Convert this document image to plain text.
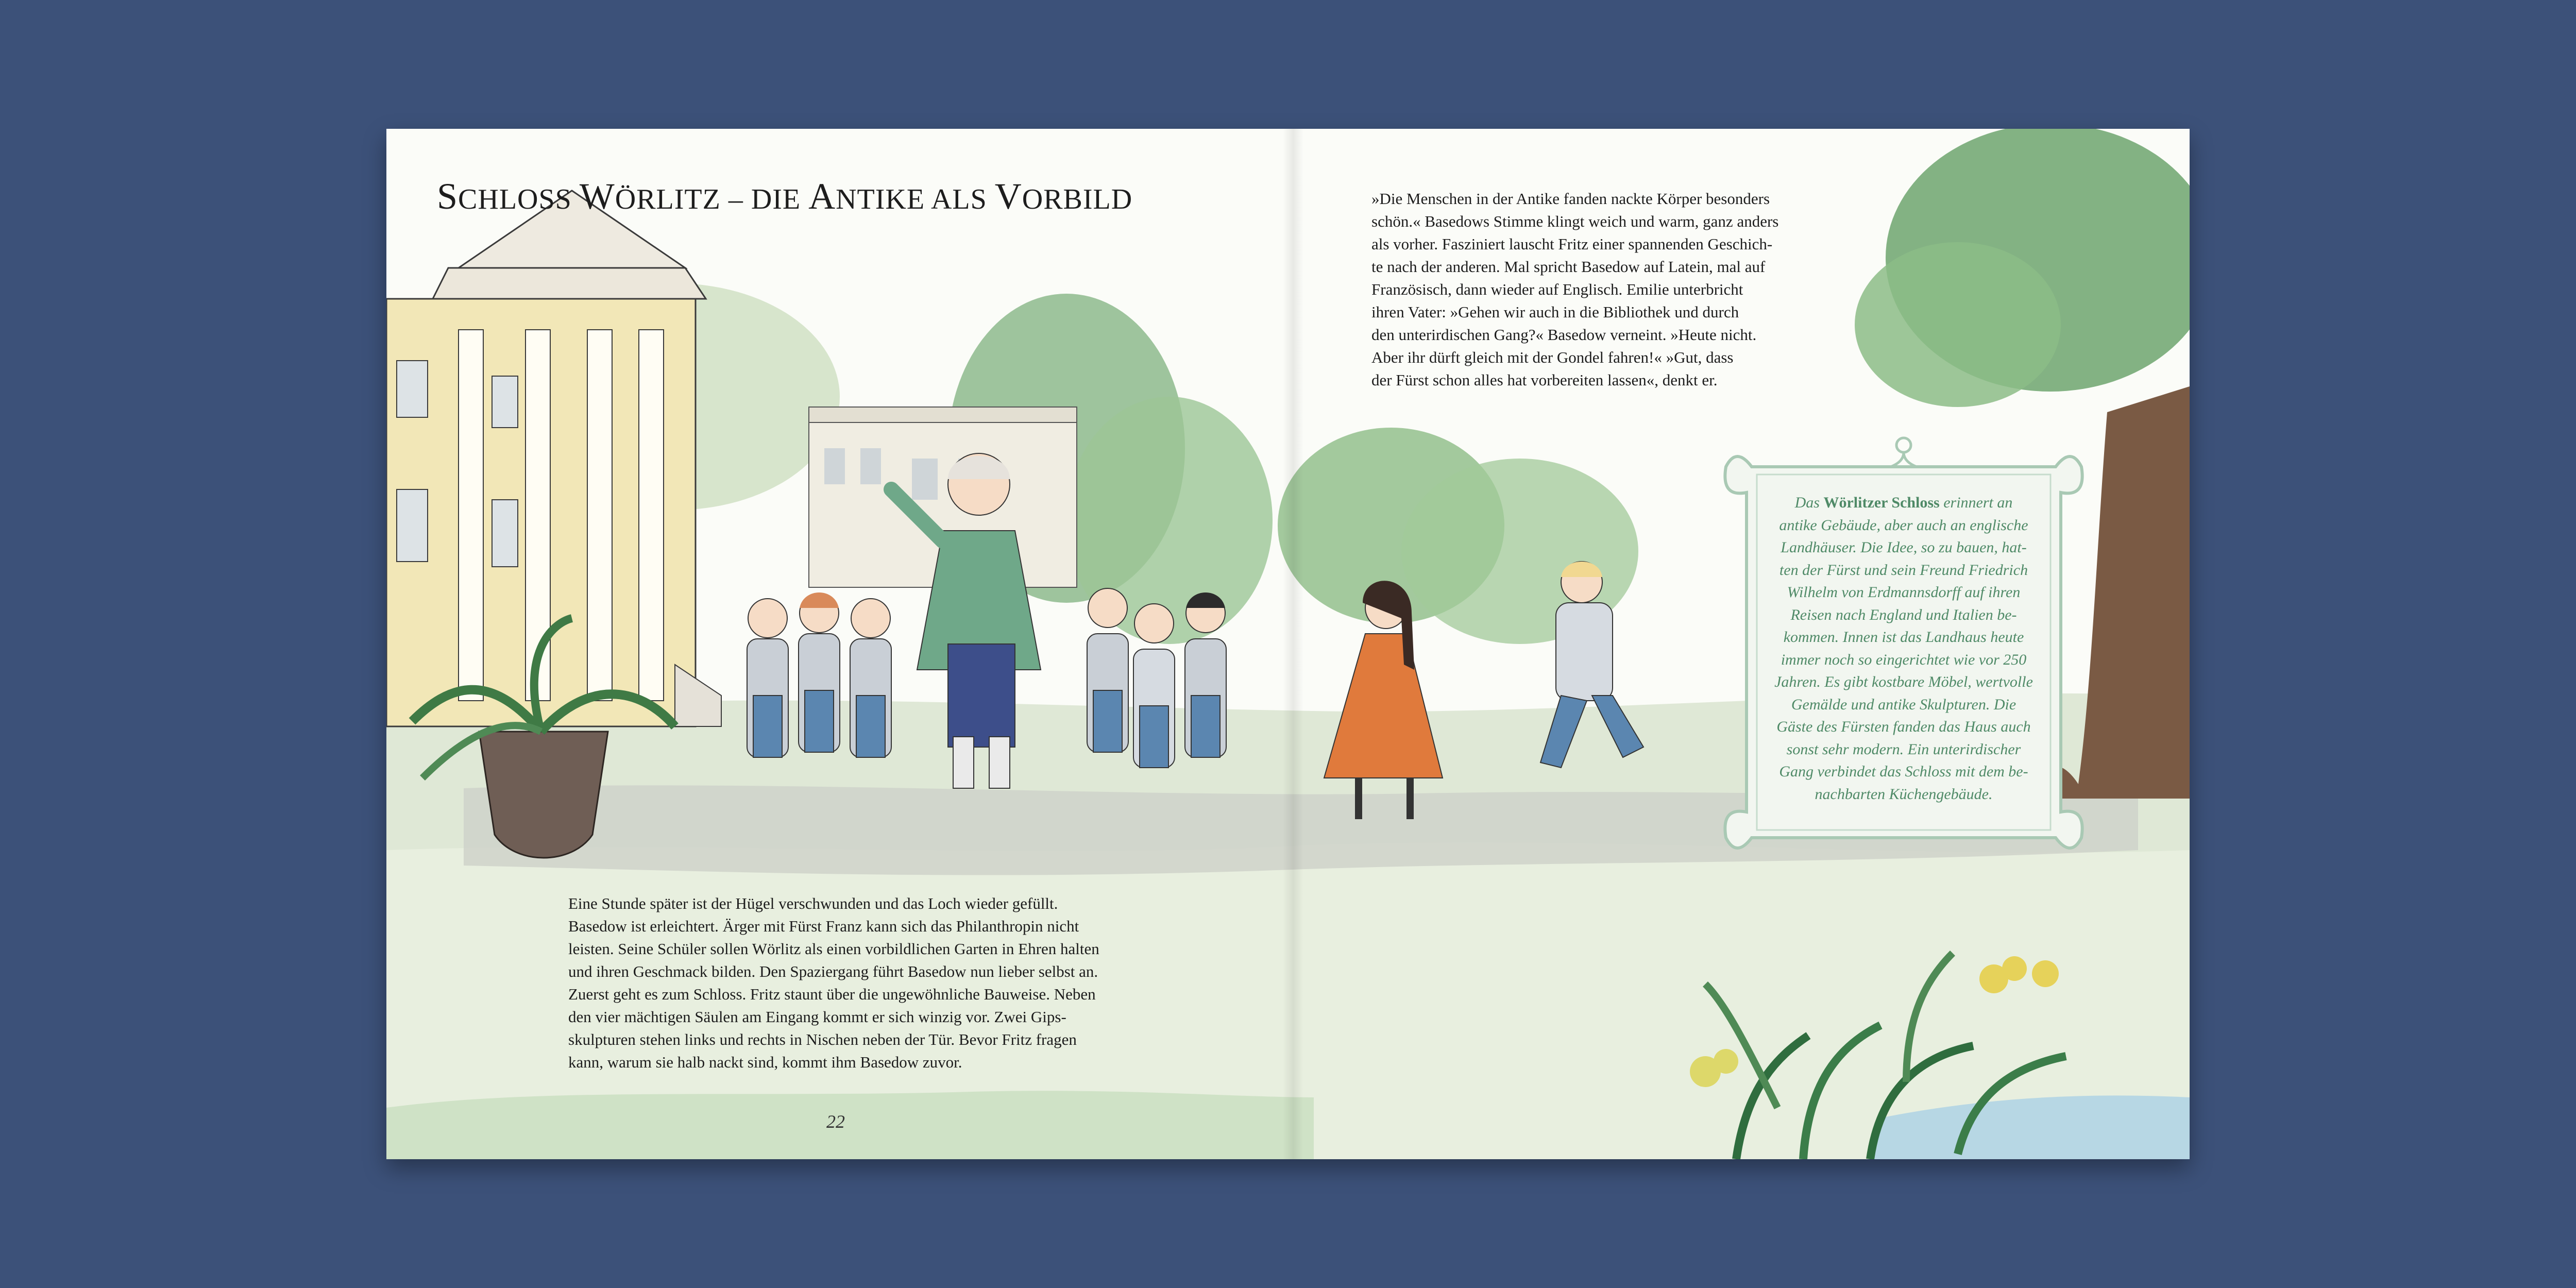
SCHLOSS WÖRLITZ – DIE ANTIKE ALS VORBILD

Eine Stunde später ist der Hügel verschwunden und das Loch wieder gefüllt.

Basedow ist erleichtert. Ärger mit Fürst Franz kann sich das Philanthropin nicht

leisten. Seine Schüler sollen Wörlitz als einen vorbildlichen Garten in Ehren halten

und ihren Geschmack bilden. Den Spaziergang führt Basedow nun lieber selbst an.

Zuerst geht es zum Schloss. Fritz staunt über die ungewöhnliche Bauweise. Neben

den vier mächtigen Säulen am Eingang kommt er sich winzig vor. Zwei Gips-

skulpturen stehen links und rechts in Nischen neben der Tür. Bevor Fritz fragen

kann, warum sie halb nackt sind, kommt ihm Basedow zuvor.

»Die Menschen in der Antike fanden nackte Körper besonders

schön.« Basedows Stimme klingt weich und warm, ganz anders

als vorher. Fasziniert lauscht Fritz einer spannenden Geschich-

te nach der anderen. Mal spricht Basedow auf Latein, mal auf

Französisch, dann wieder auf Englisch. Emilie unterbricht

ihren Vater: »Gehen wir auch in die Bibliothek und durch

den unterirdischen Gang?« Basedow verneint. »Heute nicht.

Aber ihr dürft gleich mit der Gondel fahren!« »Gut, dass

der Fürst schon alles hat vorbereiten lassen«, denkt er.

Das Wörlitzer Schloss erinnert an

antike Gebäude, aber auch an englische

Landhäuser. Die Idee, so zu bauen, hat-

ten der Fürst und sein Freund Friedrich

Wilhelm von Erdmannsdorff auf ihren

Reisen nach England und Italien be-

kommen. Innen ist das Landhaus heute

immer noch so eingerichtet wie vor 250

Jahren. Es gibt kostbare Möbel, wertvolle

Gemälde und antike Skulpturen. Die

Gäste des Fürsten fanden das Haus auch

sonst sehr modern. Ein unterirdischer

Gang verbindet das Schloss mit dem be-

nachbarten Küchengebäude.

22
